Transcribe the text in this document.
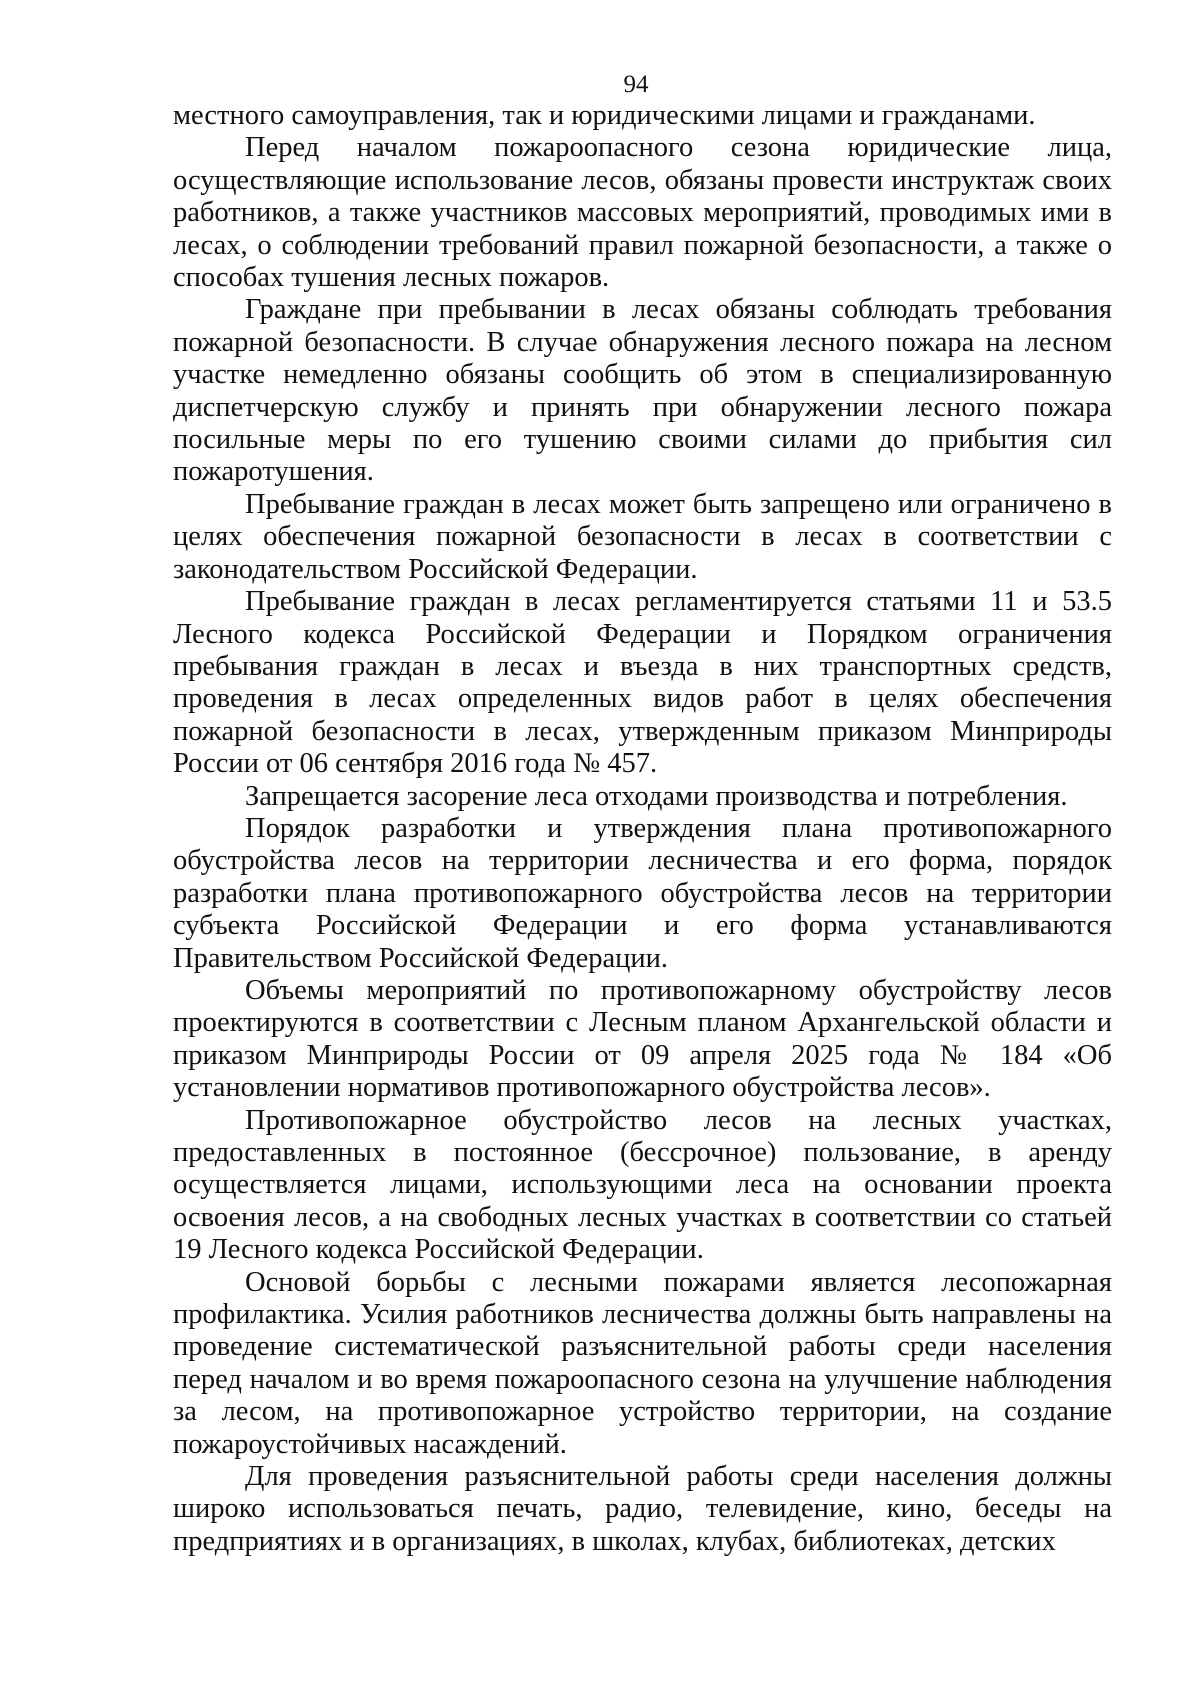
94

местного самоуправления, так и юридическими лицами и гражданами.

Перед началом пожароопасного сезона юридические лица, осуществляющие использование лесов, обязаны провести инструктаж своих работников, а также участников массовых мероприятий, проводимых ими в лесах, о соблюдении требований правил пожарной безопасности, а также о способах тушения лесных пожаров.

Граждане при пребывании в лесах обязаны соблюдать требования пожарной безопасности. В случае обнаружения лесного пожара на лесном участке немедленно обязаны сообщить об этом в специализированную диспетчерскую службу и принять при обнаружении лесного пожара посильные меры по его тушению своими силами до прибытия сил пожаротушения.

Пребывание граждан в лесах может быть запрещено или ограничено в целях обеспечения пожарной безопасности в лесах в соответствии с законодательством Российской Федерации.

Пребывание граждан в лесах регламентируется статьями 11 и 53.5 Лесного кодекса Российской Федерации и Порядком ограничения пребывания граждан в лесах и въезда в них транспортных средств, проведения в лесах определенных видов работ в целях обеспечения пожарной безопасности в лесах, утвержденным приказом Минприроды России от 06 сентября 2016 года № 457.

Запрещается засорение леса отходами производства и потребления.

Порядок разработки и утверждения плана противопожарного обустройства лесов на территории лесничества и его форма, порядок разработки плана противопожарного обустройства лесов на территории субъекта Российской Федерации и его форма устанавливаются Правительством Российской Федерации.

Объемы мероприятий по противопожарному обустройству лесов проектируются в соответствии с Лесным планом Архангельской области и приказом Минприроды России от 09 апреля 2025 года № 184 «Об установлении нормативов противопожарного обустройства лесов».

Противопожарное обустройство лесов на лесных участках, предоставленных в постоянное (бессрочное) пользование, в аренду осуществляется лицами, использующими леса на основании проекта освоения лесов, а на свободных лесных участках в соответствии со статьей 19 Лесного кодекса Российской Федерации.

Основой борьбы с лесными пожарами является лесопожарная профилактика. Усилия работников лесничества должны быть направлены на проведение систематической разъяснительной работы среди населения перед началом и во время пожароопасного сезона на улучшение наблюдения за лесом, на противопожарное устройство территории, на создание пожароустойчивых насаждений.

Для проведения разъяснительной работы среди населения должны широко использоваться печать, радио, телевидение, кино, беседы на предприятиях и в организациях, в школах, клубах, библиотеках, детских
